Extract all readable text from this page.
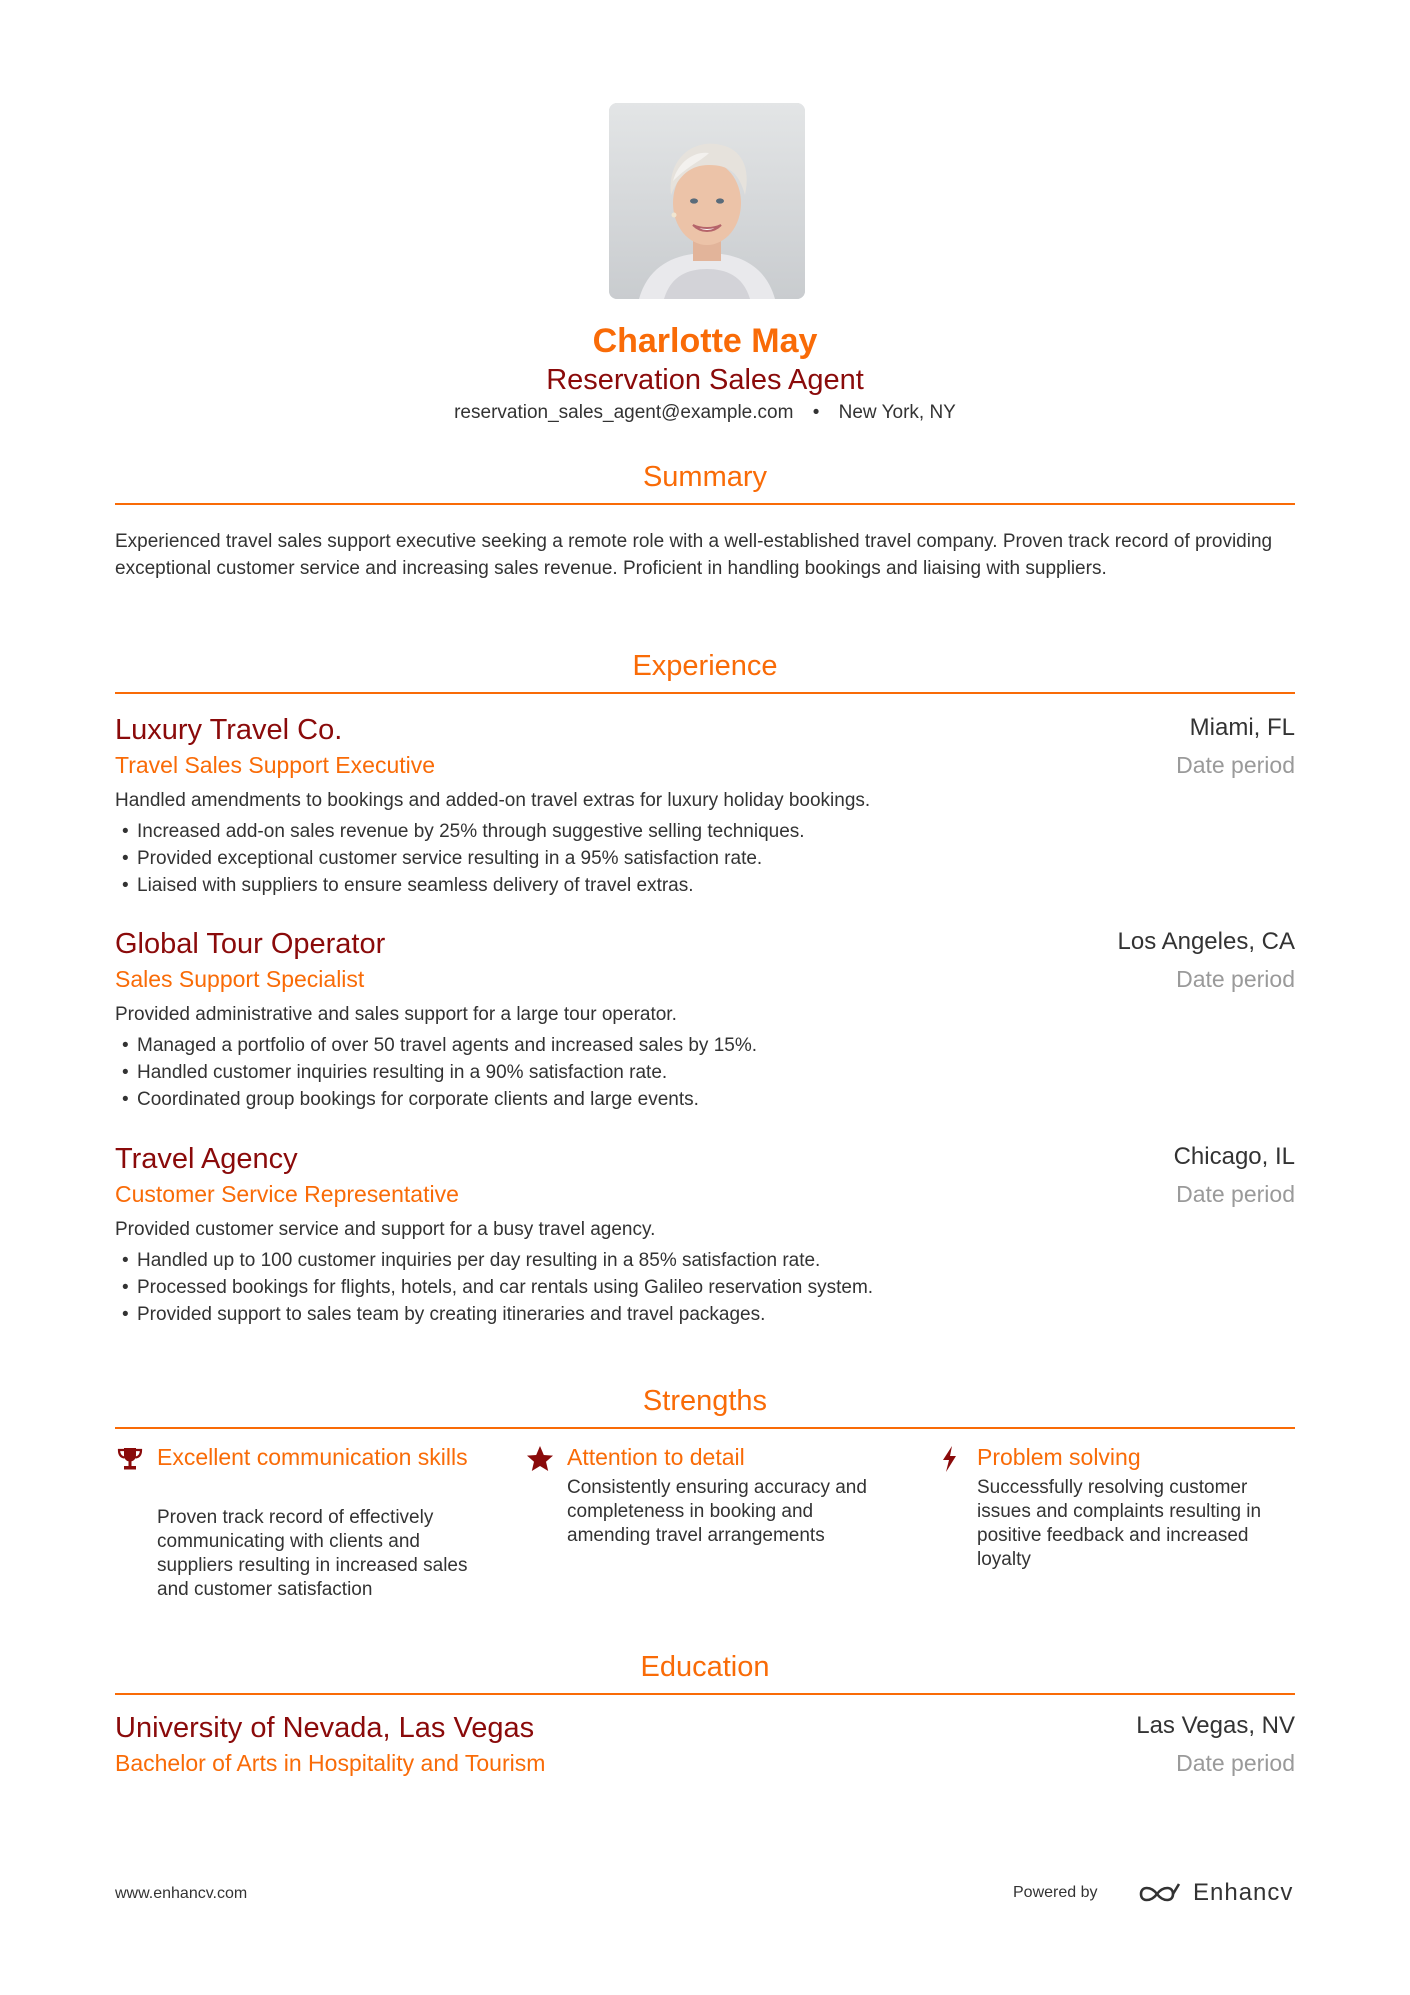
Charlotte May
Reservation Sales Agent
reservation_sales_agent@example.com • New York, NY
Summary
Experienced travel sales support executive seeking a remote role with a well-established travel company. Proven track record of providing exceptional customer service and increasing sales revenue. Proficient in handling bookings and liaising with suppliers.
Experience
Luxury Travel Co.	Miami, FL
Travel Sales Support Executive	Date period
Handled amendments to bookings and added-on travel extras for luxury holiday bookings.
• Increased add-on sales revenue by 25% through suggestive selling techniques.
• Provided exceptional customer service resulting in a 95% satisfaction rate.
• Liaised with suppliers to ensure seamless delivery of travel extras.
Global Tour Operator	Los Angeles, CA
Sales Support Specialist	Date period
Provided administrative and sales support for a large tour operator.
• Managed a portfolio of over 50 travel agents and increased sales by 15%.
• Handled customer inquiries resulting in a 90% satisfaction rate.
• Coordinated group bookings for corporate clients and large events.
Travel Agency	Chicago, IL
Customer Service Representative	Date period
Provided customer service and support for a busy travel agency.
• Handled up to 100 customer inquiries per day resulting in a 85% satisfaction rate.
• Processed bookings for flights, hotels, and car rentals using Galileo reservation system.
• Provided support to sales team by creating itineraries and travel packages.
Strengths
Excellent communication skills
Proven track record of effectively communicating with clients and suppliers resulting in increased sales and customer satisfaction
Attention to detail
Consistently ensuring accuracy and completeness in booking and amending travel arrangements
Problem solving
Successfully resolving customer issues and complaints resulting in positive feedback and increased loyalty
Education
University of Nevada, Las Vegas	Las Vegas, NV
Bachelor of Arts in Hospitality and Tourism	Date period
www.enhancv.com	Powered by	Enhancv
